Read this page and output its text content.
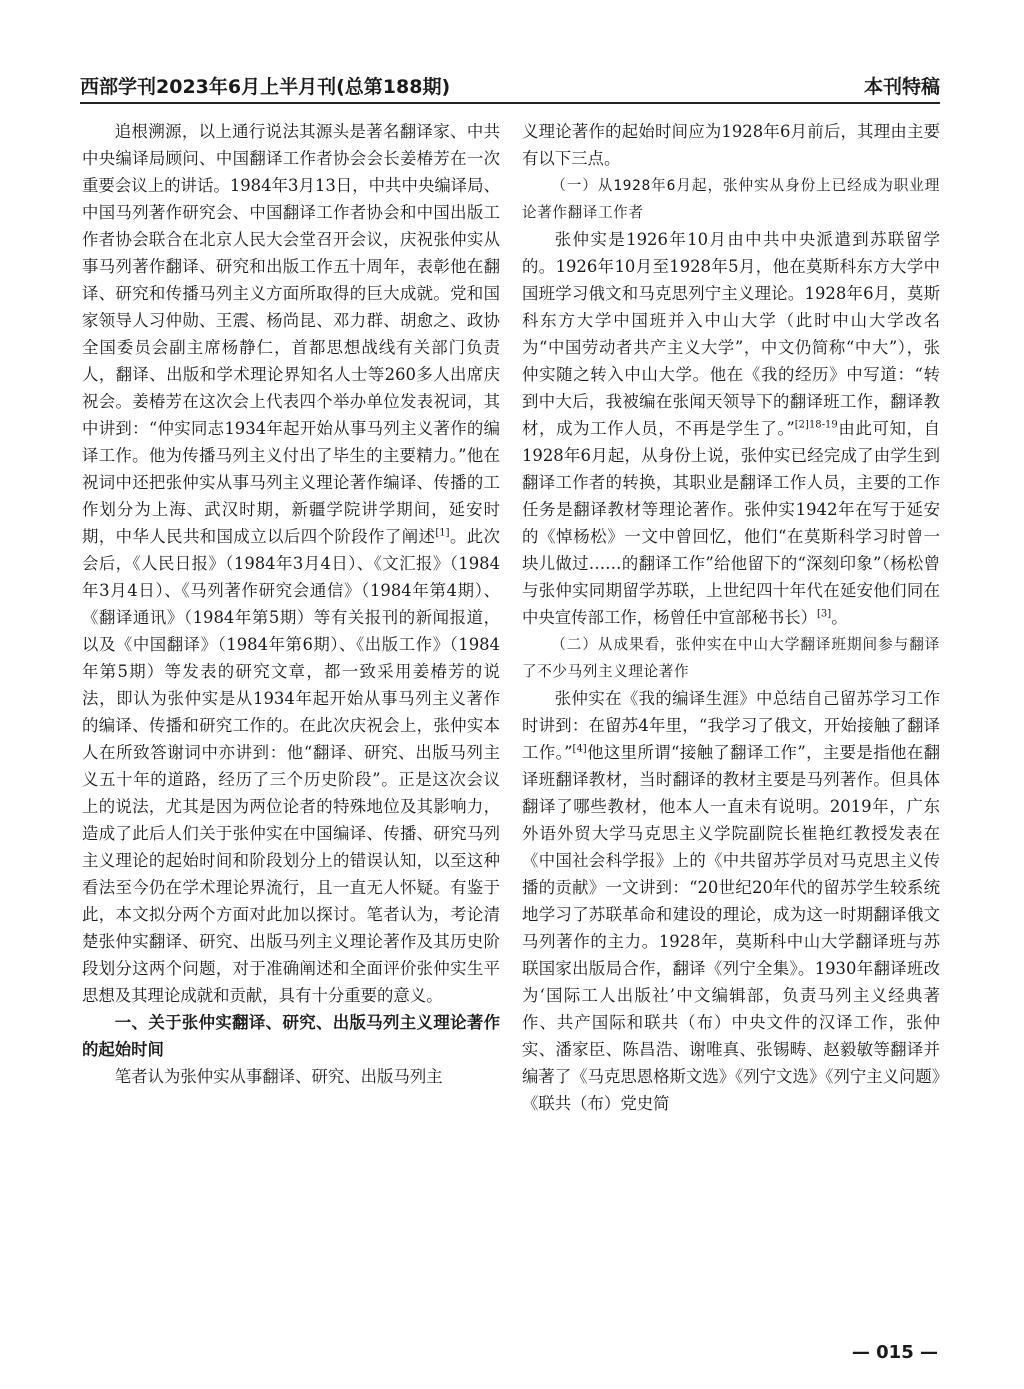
西部学刊2023年6月上半月刊(总第188期)	本刊特稿

追根溯源，以上通行说法其源头是著名翻译家、中共中央编译局顾问、中国翻译工作者协会会长姜椿芳在一次重要会议上的讲话。1984年3月13日，中共中央编译局、中国马列著作研究会、中国翻译工作者协会和中国出版工作者协会联合在北京人民大会堂召开会议，庆祝张仲实从事马列著作翻译、研究和出版工作五十周年，表彰他在翻译、研究和传播马列主义方面所取得的巨大成就。党和国家领导人习仲勋、王震、杨尚昆、邓力群、胡愈之、政协全国委员会副主席杨静仁，首都思想战线有关部门负责人，翻译、出版和学术理论界知名人士等260多人出席庆祝会。姜椿芳在这次会上代表四个举办单位发表祝词，其中讲到：“仲实同志1934年起开始从事马列主义著作的编译工作。他为传播马列主义付出了毕生的主要精力。”他在祝词中还把张仲实从事马列主义理论著作编译、传播的工作划分为上海、武汉时期，新疆学院讲学期间，延安时期，中华人民共和国成立以后四个阶段作了阐述[1]。此次会后，《人民日报》（1984年3月4日）、《文汇报》（1984年3月4日）、《马列著作研究会通信》（1984年第4期）、《翻译通讯》（1984年第5期）等有关报刊的新闻报道，以及《中国翻译》（1984年第6期）、《出版工作》（1984年第5期）等发表的研究文章，都一致采用姜椿芳的说法，即认为张仲实是从1934年起开始从事马列主义著作的编译、传播和研究工作的。在此次庆祝会上，张仲实本人在所致答谢词中亦讲到：他“翻译、研究、出版马列主义五十年的道路，经历了三个历史阶段”。正是这次会议上的说法，尤其是因为两位论者的特殊地位及其影响力，造成了此后人们关于张仲实在中国编译、传播、研究马列主义理论的起始时间和阶段划分上的错误认知，以至这种看法至今仍在学术理论界流行，且一直无人怀疑。有鉴于此，本文拟分两个方面对此加以探讨。笔者认为，考论清楚张仲实翻译、研究、出版马列主义理论著作及其历史阶段划分这两个问题，对于准确阐述和全面评价张仲实生平思想及其理论成就和贡献，具有十分重要的意义。

一、关于张仲实翻译、研究、出版马列主义理论著作的起始时间

笔者认为张仲实从事翻译、研究、出版马列主

义理论著作的起始时间应为1928年6月前后，其理由主要有以下三点。

（一）从1928年6月起，张仲实从身份上已经成为职业理论著作翻译工作者

张仲实是1926年10月由中共中央派遣到苏联留学的。1926年10月至1928年5月，他在莫斯科东方大学中国班学习俄文和马克思列宁主义理论。1928年6月，莫斯科东方大学中国班并入中山大学（此时中山大学改名为“中国劳动者共产主义大学”，中文仍简称“中大”），张仲实随之转入中山大学。他在《我的经历》中写道：“转到中大后，我被编在张闻天领导下的翻译班工作，翻译教材，成为工作人员，不再是学生了。”$^{[2]18-19}$由此可知，自1928年6月起，从身份上说，张仲实已经完成了由学生到翻译工作者的转换，其职业是翻译工作人员，主要的工作任务是翻译教材等理论著作。张仲实1942年在写于延安的《悼杨松》一文中曾回忆，他们“在莫斯科学习时曾一块儿做过……的翻译工作”给他留下的“深刻印象”（杨松曾与张仲实同期留学苏联，上世纪四十年代在延安他们同在中央宣传部工作，杨曾任中宣部秘书长）[3]。

（二）从成果看，张仲实在中山大学翻译班期间参与翻译了不少马列主义理论著作

张仲实在《我的编译生涯》中总结自己留苏学习工作时讲到：在留苏4年里，“我学习了俄文，开始接触了翻译工作。”[4]他这里所谓“接触了翻译工作”，主要是指他在翻译班翻译教材，当时翻译的教材主要是马列著作。但具体翻译了哪些教材，他本人一直未有说明。2019年，广东外语外贸大学马克思主义学院副院长崔艳红教授发表在《中国社会科学报》上的《中共留苏学员对马克思主义传播的贡献》一文讲到：“20世纪20年代的留苏学生较系统地学习了苏联革命和建设的理论，成为这一时期翻译俄文马列著作的主力。1928年，莫斯科中山大学翻译班与苏联国家出版局合作，翻译《列宁全集》。1930年翻译班改为‘国际工人出版社’中文编辑部，负责马列主义经典著作、共产国际和联共（布）中央文件的汉译工作，张仲实、潘家臣、陈昌浩、谢唯真、张锡畴、赵毅敏等翻译并编著了《马克思恩格斯文选》《列宁文选》《列宁主义问题》《联共（布）党史简

— 015 —
